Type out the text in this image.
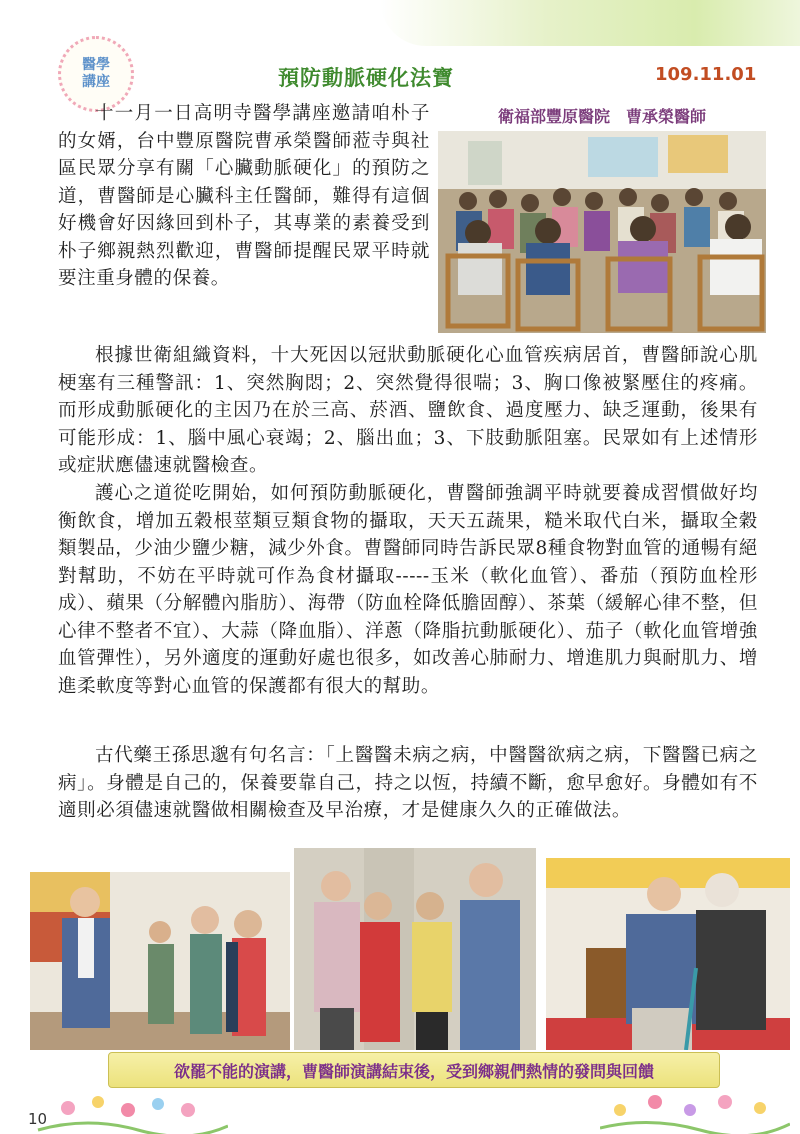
醫學
講座	預防動脈硬化法寶	109.11.01
衛福部豐原醫院　曹承榮醫師
十一月一日高明寺醫學講座邀請咱朴子的女婿，台中豐原醫院曹承榮醫師蒞寺與社區民眾分享有關「心臟動脈硬化」的預防之道，曹醫師是心臟科主任醫師，難得有這個好機會好因緣回到朴子，其專業的素養受到朴子鄉親熱烈歡迎，曹醫師提醒民眾平時就要注重身體的保養。
根據世衛組織資料，十大死因以冠狀動脈硬化心血管疾病居首，曹醫師說心肌梗塞有三種警訊：1、突然胸悶；2、突然覺得很喘；3、胸口像被緊壓住的疼痛。而形成動脈硬化的主因乃在於三高、菸酒、鹽飲食、過度壓力、缺乏運動，後果有可能形成：1、腦中風心衰竭；2、腦出血；3、下肢動脈阻塞。民眾如有上述情形或症狀應儘速就醫檢查。
護心之道從吃開始，如何預防動脈硬化，曹醫師強調平時就要養成習慣做好均衡飲食，增加五穀根莖類豆類食物的攝取，天天五蔬果，糙米取代白米，攝取全穀類製品，少油少鹽少糖，減少外食。曹醫師同時告訴民眾8種食物對血管的通暢有絕對幫助，不妨在平時就可作為食材攝取-----玉米（軟化血管）、番茄（預防血栓形成）、蘋果（分解體內脂肪）、海帶（防血栓降低膽固醇）、茶葉（緩解心律不整，但心律不整者不宜）、大蒜（降血脂）、洋蔥（降脂抗動脈硬化）、茄子（軟化血管增強血管彈性），另外適度的運動好處也很多，如改善心肺耐力、增進肌力與耐肌力、增進柔軟度等對心血管的保護都有很大的幫助。
古代藥王孫思邈有句名言：「上醫醫未病之病，中醫醫欲病之病，下醫醫已病之病」。身體是自己的，保養要靠自己，持之以恆，持續不斷，愈早愈好。身體如有不適則必須儘速就醫做相關檢查及早治療，才是健康久久的正確做法。
欲罷不能的演講，曹醫師演講結束後，受到鄉親們熱情的發問與回饋
10
